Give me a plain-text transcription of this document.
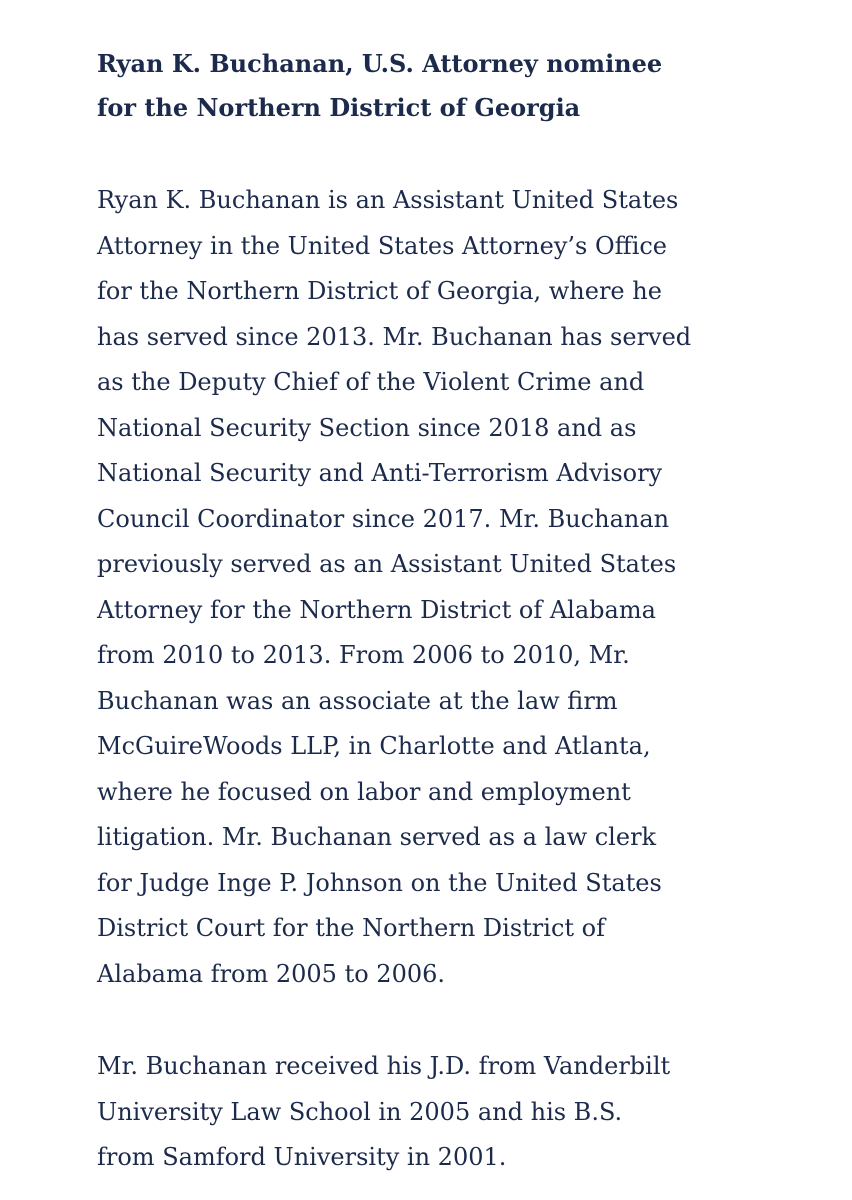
Ryan K. Buchanan, U.S. Attorney nominee
for the Northern District of Georgia

Ryan K. Buchanan is an Assistant United States
Attorney in the United States Attorney’s Office
for the Northern District of Georgia, where he
has served since 2013. Mr. Buchanan has served
as the Deputy Chief of the Violent Crime and
National Security Section since 2018 and as
National Security and Anti-Terrorism Advisory
Council Coordinator since 2017. Mr. Buchanan
previously served as an Assistant United States
Attorney for the Northern District of Alabama
from 2010 to 2013. From 2006 to 2010, Mr.
Buchanan was an associate at the law firm
McGuireWoods LLP, in Charlotte and Atlanta,
where he focused on labor and employment
litigation. Mr. Buchanan served as a law clerk
for Judge Inge P. Johnson on the United States
District Court for the Northern District of
Alabama from 2005 to 2006.

Mr. Buchanan received his J.D. from Vanderbilt
University Law School in 2005 and his B.S.
from Samford University in 2001.
